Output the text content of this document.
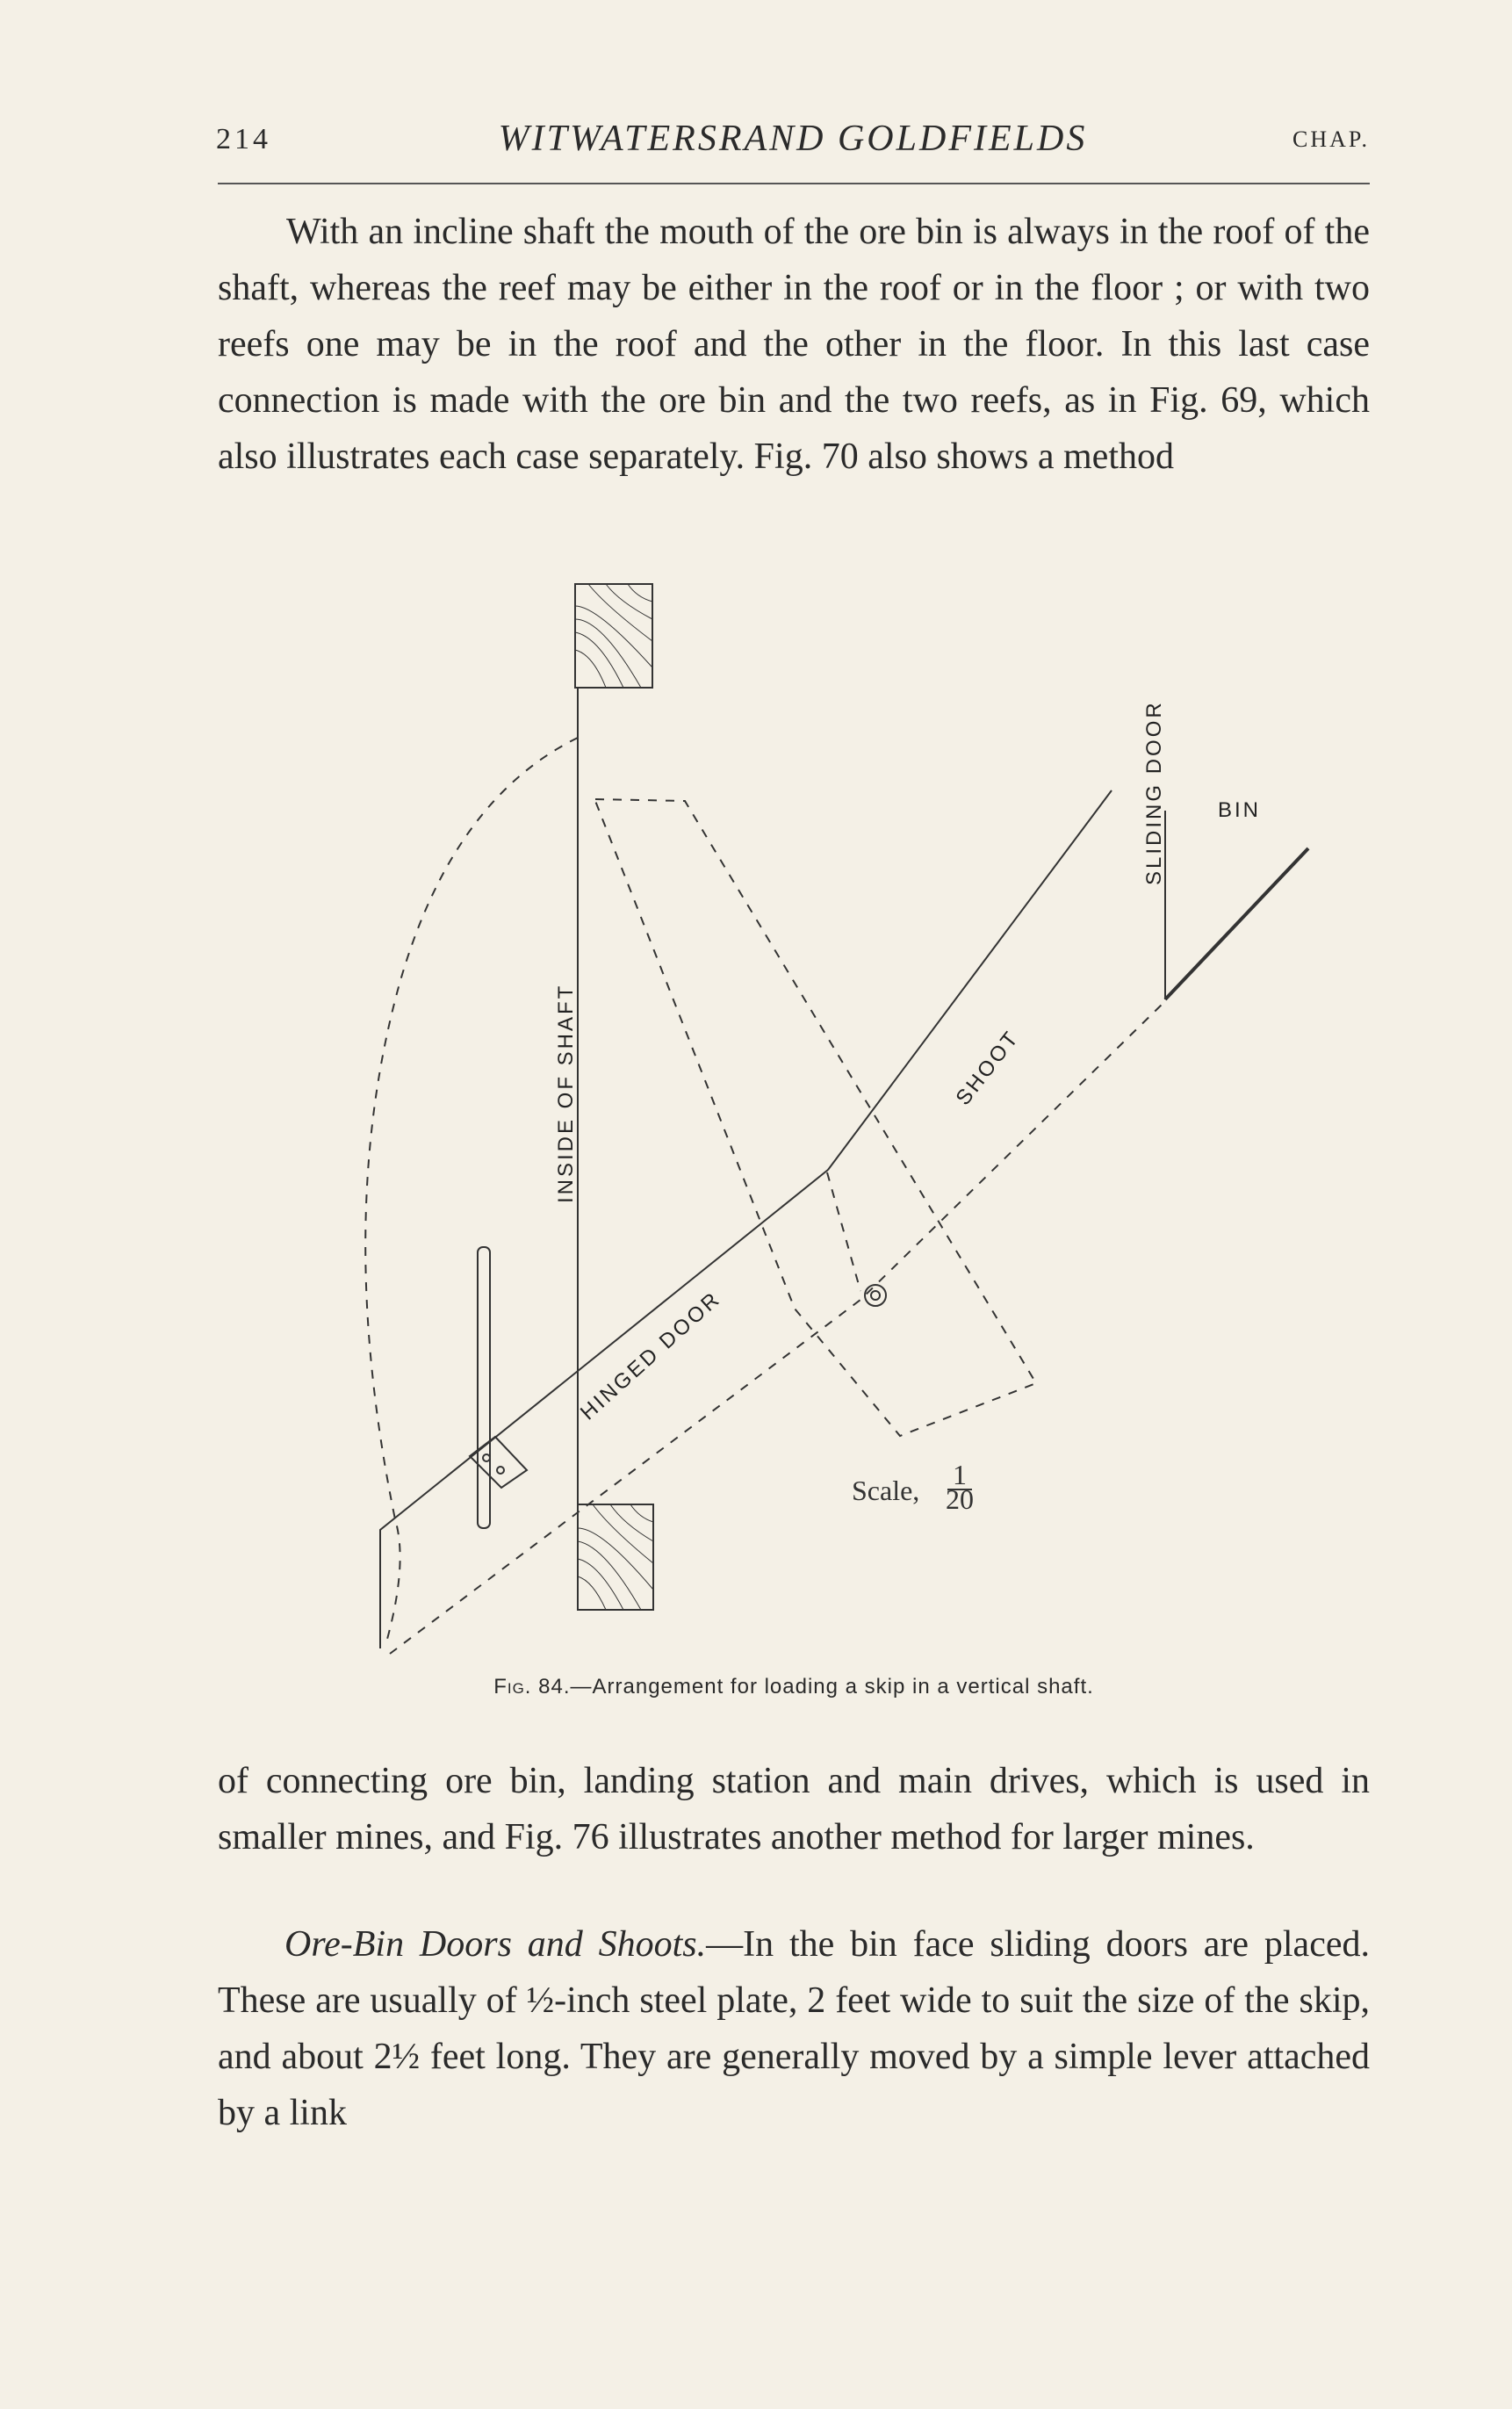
214	WITWATERSRAND GOLDFIELDS	CHAP.

With an incline shaft the mouth of the ore bin is always in the roof of the shaft, whereas the reef may be either in the roof or in the floor ; or with two reefs one may be in the roof and the other in the floor. In this last case connection is made with the ore bin and the two reefs, as in Fig. 69, which also illustrates each case separately. Fig. 70 also shows a method

INSIDE OF SHAFT
SLIDING DOOR BIN
SHOOT
HINGED DOOR
Scale, 1
20
Fig. 84.—Arrangement for loading a skip in a vertical shaft.

of connecting ore bin, landing station and main drives, which is used in smaller mines, and Fig. 76 illustrates another method for larger mines.

Ore-Bin Doors and Shoots.—In the bin face sliding doors are placed. These are usually of ½-inch steel plate, 2 feet wide to suit the size of the skip, and about 2½ feet long. They are generally moved by a simple lever attached by a link
